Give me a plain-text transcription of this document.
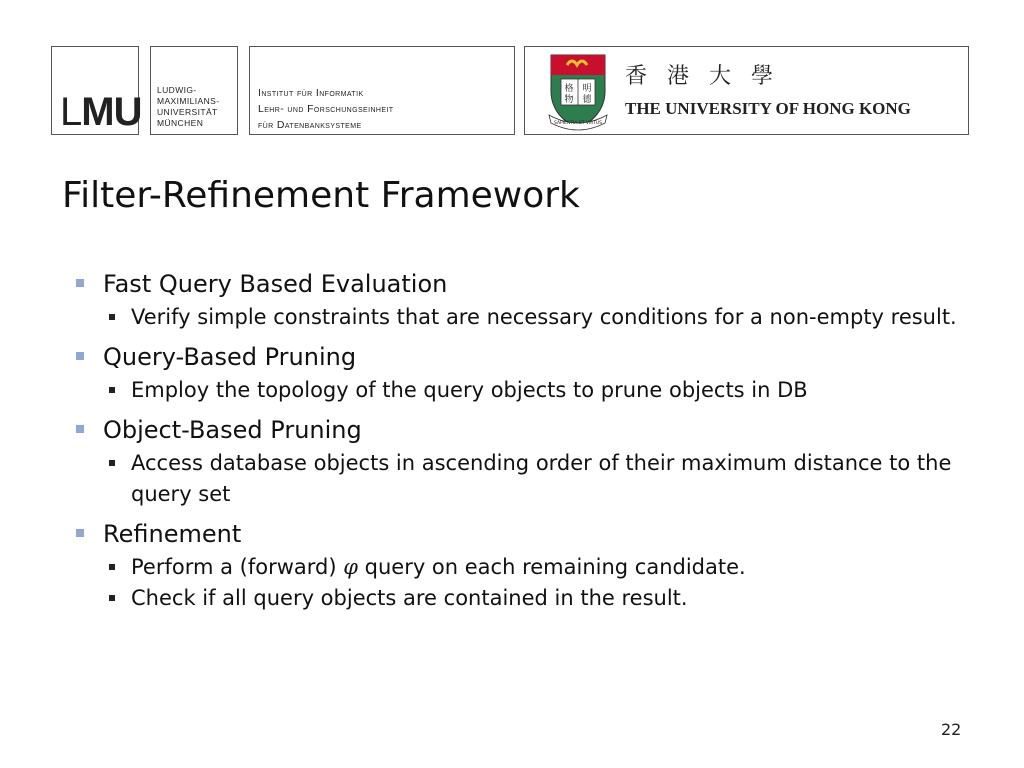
LMU LUDWIG-
MAXIMILIANS-
UNIVERSITÄT
MÜNCHEN
Institut für Informatik
Lehr- und Forschungseinheit
für Datenbanksysteme
格 明
物 德
SAPIENTIA ET VIRTUS
香港大學
THE UNIVERSITY OF HONG KONG
Filter-Refinement Framework

Fast Query Based Evaluation

Verify simple constraints that are necessary conditions for a non-empty result.

Query-Based Pruning

Employ the topology of the query objects to prune objects in DB

Object-Based Pruning

Access database objects in ascending order of their maximum distance to the query set

Refinement

Perform a (forward) φ query on each remaining candidate.

Check if all query objects are contained in the result.

22
